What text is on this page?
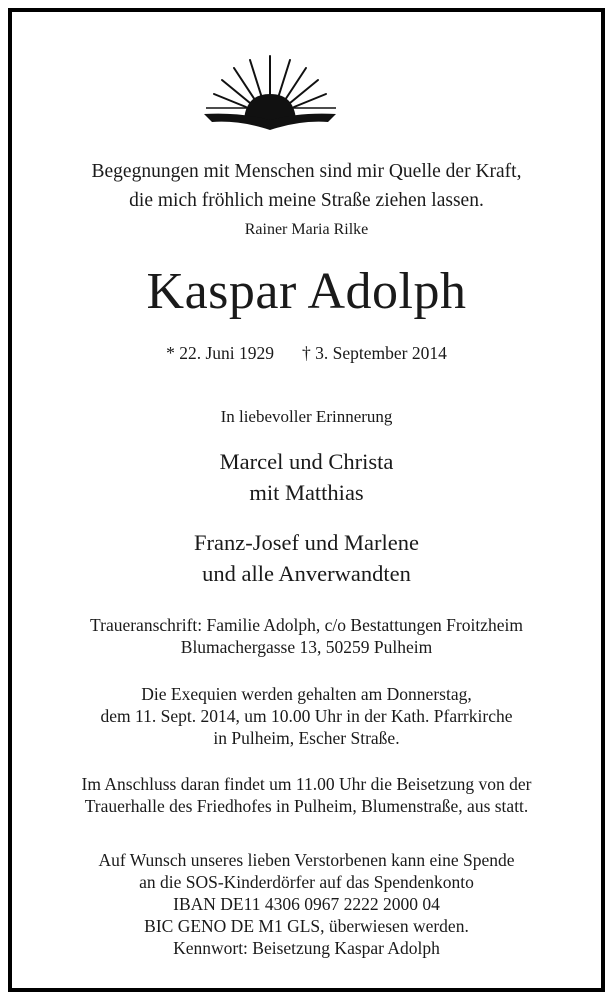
Begegnungen mit Menschen sind mir Quelle der Kraft,
die mich fröhlich meine Straße ziehen lassen.
Rainer Maria Rilke
Kaspar Adolph
* 22. Juni 1929 † 3. September 2014
In liebevoller Erinnerung
Marcel und Christa
mit Matthias
Franz-Josef und Marlene
und alle Anverwandten
Traueranschrift: Familie Adolph, c/o Bestattungen Froitzheim
Blumachergasse 13, 50259 Pulheim
Die Exequien werden gehalten am Donnerstag,
dem 11. Sept. 2014, um 10.00 Uhr in der Kath. Pfarrkirche
in Pulheim, Escher Straße.
Im Anschluss daran findet um 11.00 Uhr die Beisetzung von der
Trauerhalle des Friedhofes in Pulheim, Blumenstraße, aus statt.
Auf Wunsch unseres lieben Verstorbenen kann eine Spende
an die SOS-Kinderdörfer auf das Spendenkonto
IBAN DE11 4306 0967 2222 2000 04
BIC GENO DE M1 GLS, überwiesen werden.
Kennwort: Beisetzung Kaspar Adolph
